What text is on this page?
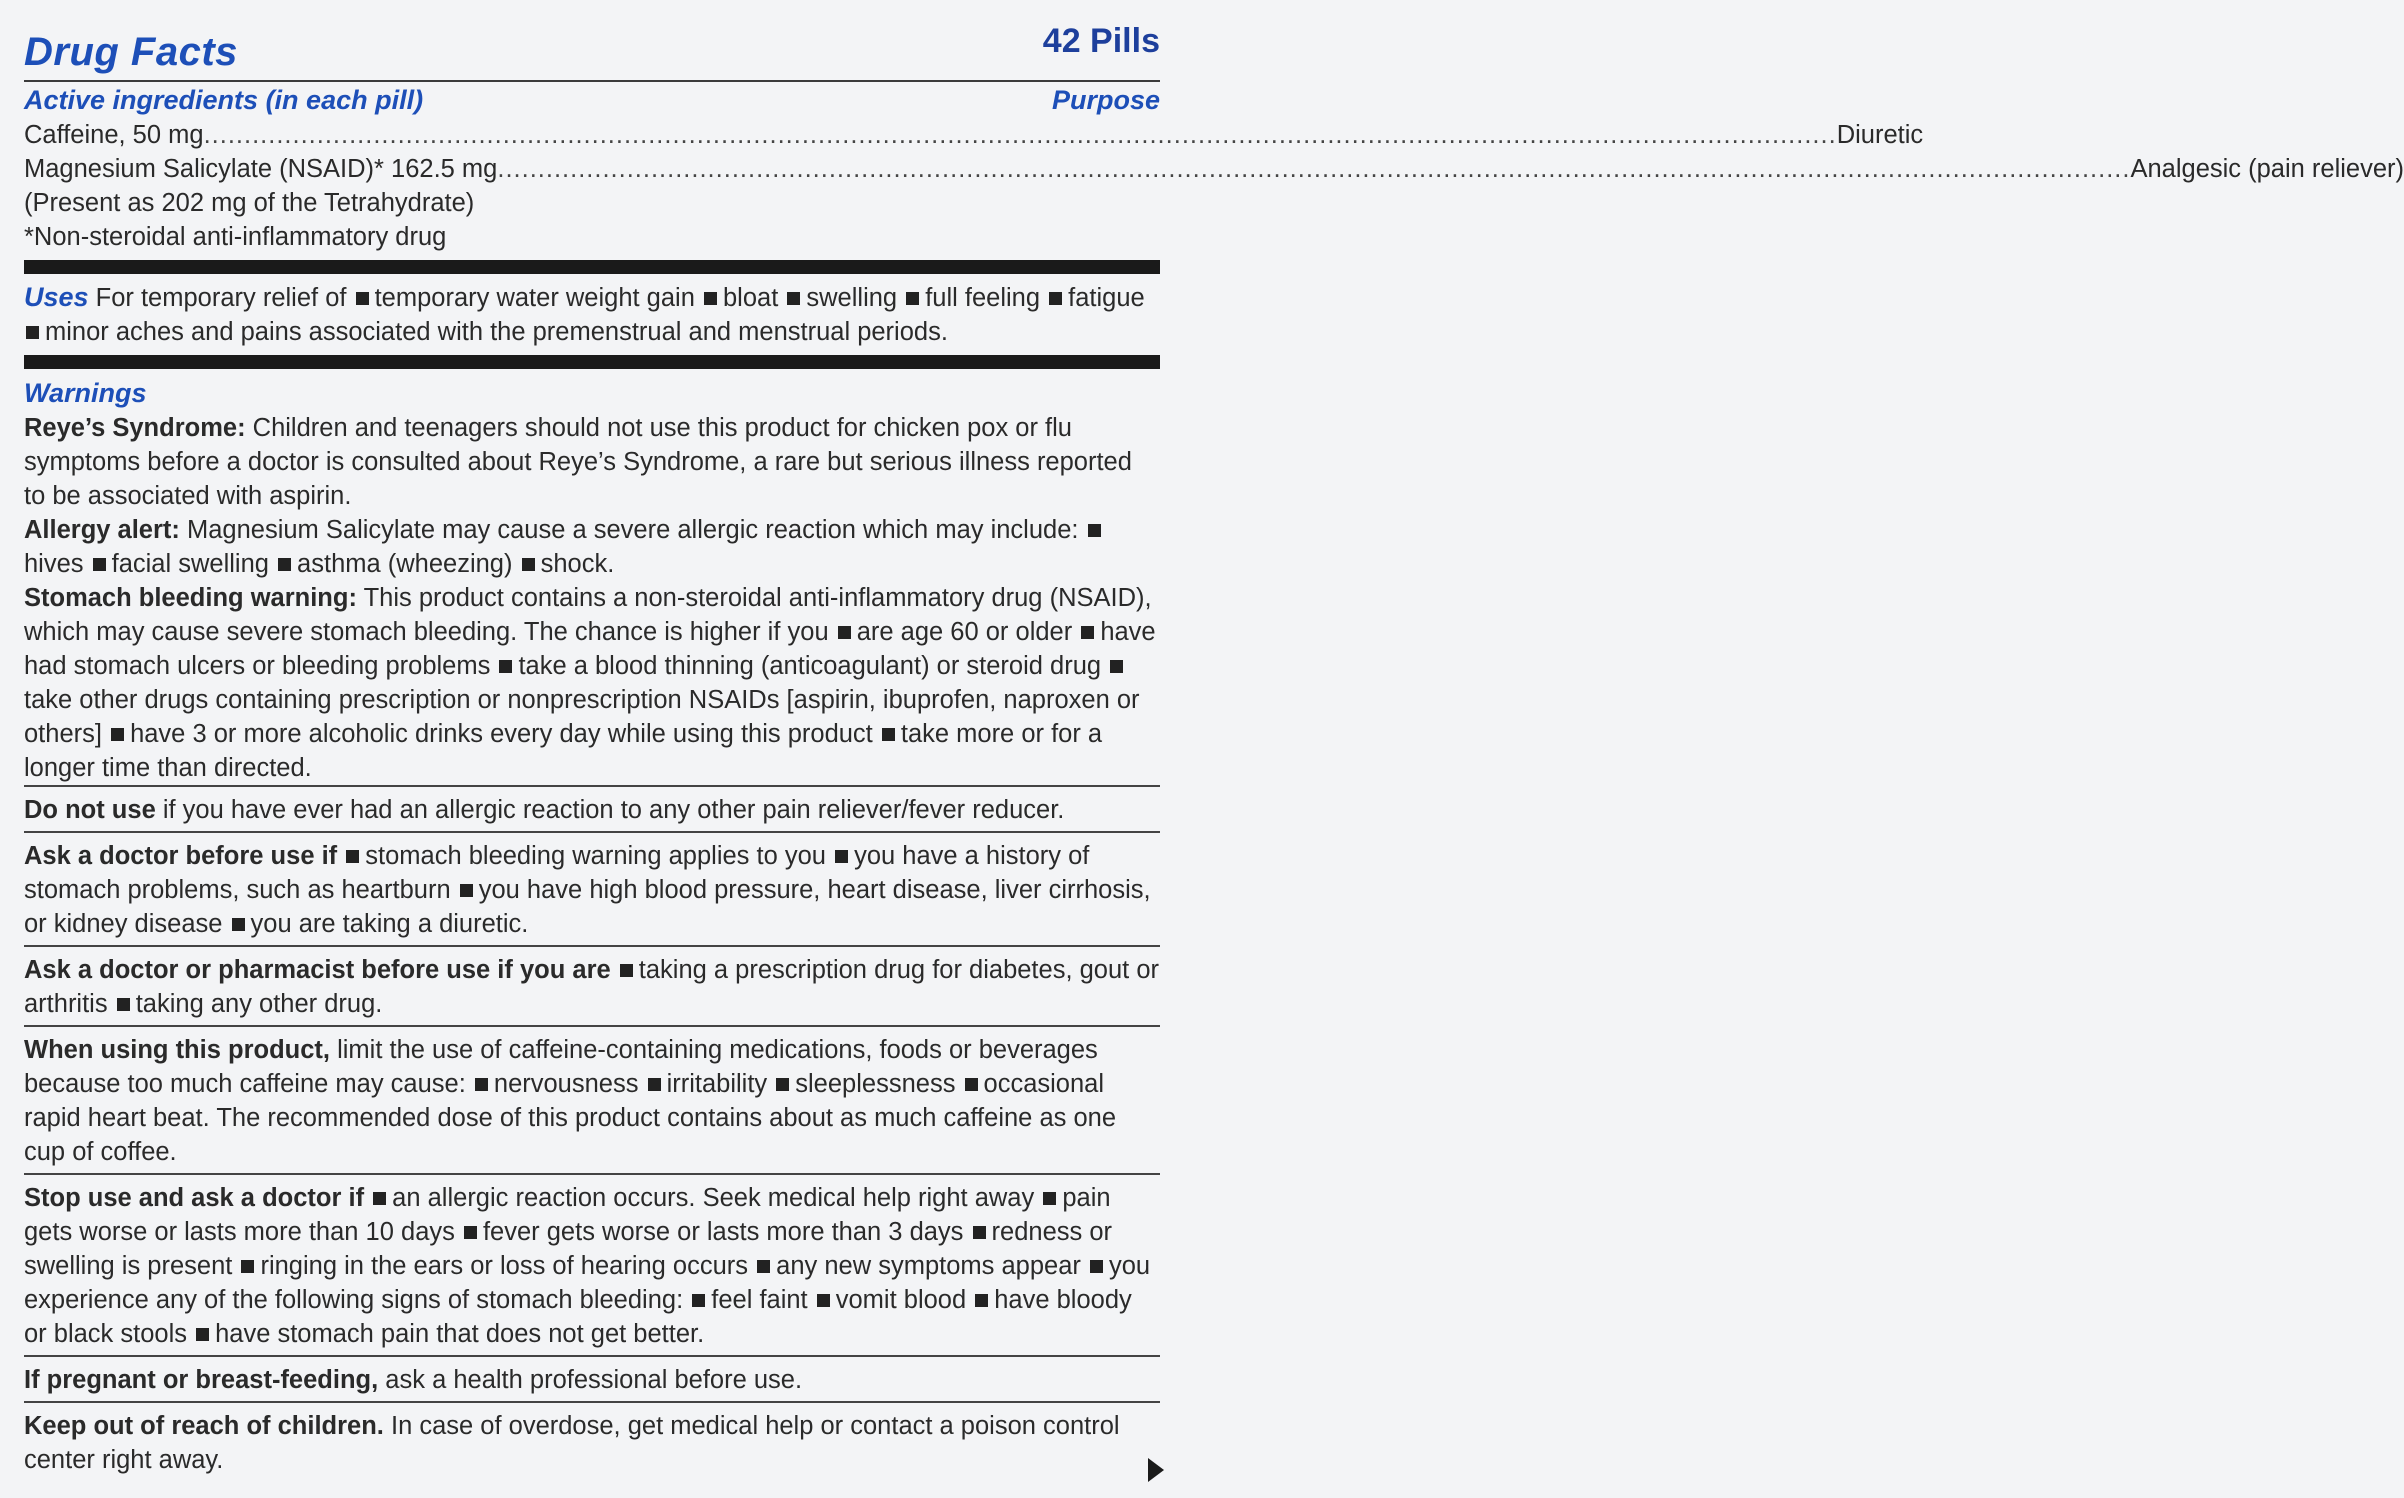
Drug Facts	42 Pills
Active ingredients (in each pill)	Purpose
Caffeine, 50 mg .......................................................................................................................................................................................................... Diuretic
Magnesium Salicylate (NSAID)* 162.5 mg .......................................................................................................................................................................................................... Analgesic (pain reliever)
(Present as 202 mg of the Tetrahydrate)
*Non-steroidal anti-inflammatory drug
Uses For temporary relief of temporary water weight gain bloat swelling full feeling fatigue minor aches and pains associated with the premenstrual and menstrual periods.
Warnings
Reye’s Syndrome: Children and teenagers should not use this product for chicken pox or flu symptoms before a doctor is consulted about Reye’s Syndrome, a rare but serious illness reported to be associated with aspirin.
Allergy alert: Magnesium Salicylate may cause a severe allergic reaction which may include: hives facial swelling asthma (wheezing) shock.
Stomach bleeding warning: This product contains a non-steroidal anti-inflammatory drug (NSAID), which may cause severe stomach bleeding. The chance is higher if you are age 60 or older have had stomach ulcers or bleeding problems take a blood thinning (anticoagulant) or steroid drug take other drugs containing prescription or nonprescription NSAIDs [aspirin, ibuprofen, naproxen or others] have 3 or more alcoholic drinks every day while using this product take more or for a longer time than directed.
Do not use if you have ever had an allergic reaction to any other pain reliever/fever reducer.
Ask a doctor before use if stomach bleeding warning applies to you you have a history of stomach problems, such as heartburn you have high blood pressure, heart disease, liver cirrhosis, or kidney disease you are taking a diuretic.
Ask a doctor or pharmacist before use if you are taking a prescription drug for diabetes, gout or arthritis taking any other drug.
When using this product, limit the use of caffeine-containing medications, foods or beverages because too much caffeine may cause: nervousness irritability sleeplessness occasional rapid heart beat. The recommended dose of this product contains about as much caffeine as one cup of coffee.
Stop use and ask a doctor if an allergic reaction occurs. Seek medical help right away pain gets worse or lasts more than 10 days fever gets worse or lasts more than 3 days redness or swelling is present ringing in the ears or loss of hearing occurs any new symptoms appear you experience any of the following signs of stomach bleeding: feel faint vomit blood have bloody or black stools have stomach pain that does not get better.
If pregnant or breast-feeding, ask a health professional before use.
Keep out of reach of children. In case of overdose, get medical help or contact a poison control center right away.
